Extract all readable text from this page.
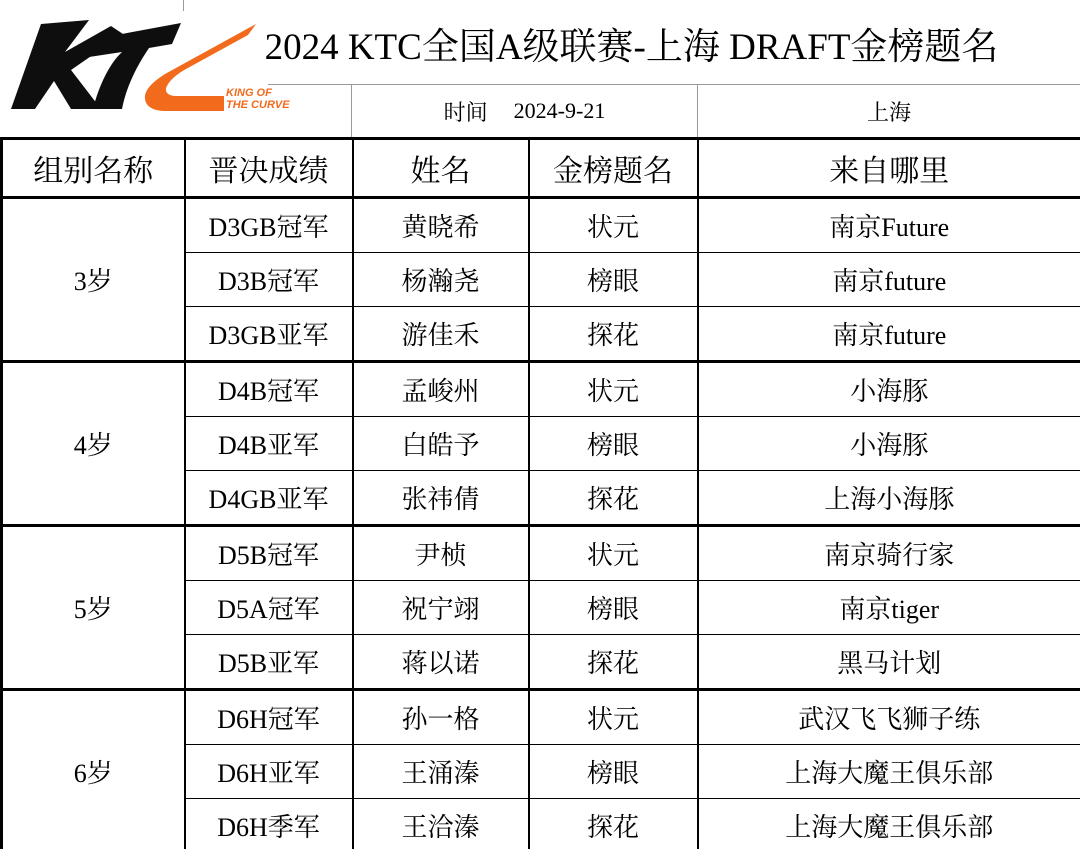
KING OF
THE CURVE
2024 KTC全国A级联赛-上海 DRAFT金榜题名
时间 2024-9-21	上海
组别名称	晋决成绩	姓名	金榜题名	来自哪里
3岁	D3GB冠军	黄晓希	状元	南京Future
	D3B冠军	杨瀚尧	榜眼	南京future
	D3GB亚军	游佳禾	探花	南京future
4岁	D4B冠军	孟峻州	状元	小海豚
	D4B亚军	白皓予	榜眼	小海豚
	D4GB亚军	张祎倩	探花	上海小海豚
5岁	D5B冠军	尹桢	状元	南京骑行家
	D5A冠军	祝宁翊	榜眼	南京tiger
	D5B亚军	蒋以诺	探花	黑马计划
6岁	D6H冠军	孙一格	状元	武汉飞飞狮子练
	D6H亚军	王涌溱	榜眼	上海大魔王俱乐部
	D6H季军	王洽溱	探花	上海大魔王俱乐部
